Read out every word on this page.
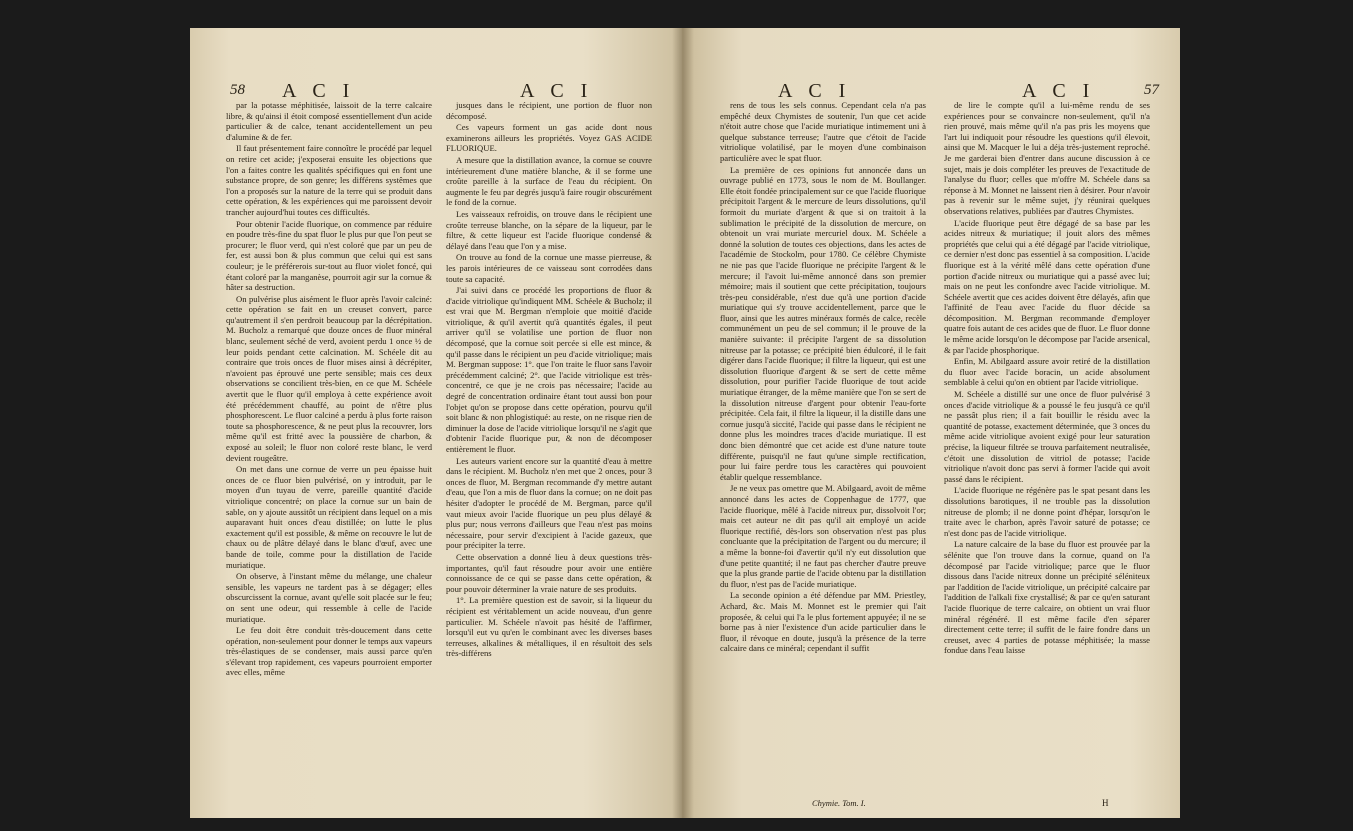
58 A C I	A C I

par la potasse méphitisée, laissoit de la terre calcaire libre, & qu'ainsi il étoit composé essentiellement d'un acide particulier & de calce, tenant accidentellement un peu d'alumine & de fer.

Il faut présentement faire connoître le procédé par lequel on retire cet acide; j'exposerai ensuite les objections que l'on a faites contre les qualités spécifiques qui en font une substance propre, de son genre; les différens systêmes que l'on a proposés sur la nature de la terre qui se produit dans cette opération, & les expériences qui me paroissent devoir trancher aujourd'hui toutes ces difficultés.

Pour obtenir l'acide fluorique, on commence par réduire en poudre très-fine du spat fluor le plus pur que l'on peut se procurer; le fluor verd, qui n'est coloré que par un peu de fer, est aussi bon & plus commun que celui qui est sans couleur; je le préférerois sur-tout au fluor violet foncé, qui étant coloré par la manganèse, pourroit agir sur la cornue & hâter sa destruction.

On pulvérise plus aisément le fluor après l'avoir calciné: cette opération se fait en un creuset convert, parce qu'autrement il s'en perdroit beaucoup par la décrépitation. M. Bucholz a remarqué que douze onces de fluor minéral blanc, seulement séché de verd, avoient perdu 1 once ½ de leur poids pendant cette calcination. M. Schéele dit au contraire que trois onces de fluor mises ainsi à décrépiter, n'avoient pas éprouvé une perte sensible; mais ces deux observations se concilient très-bien, en ce que M. Schéele avertit que le fluor qu'il employa à cette expérience avoit été précédemment chauffé, au point de n'être plus phosphorescent. Le fluor calciné a perdu à plus forte raison toute sa phosphorescence, & ne peut plus la recouvrer, lors même qu'il est fritté avec la poussière de charbon, & exposé au soleil; le fluor non coloré reste blanc, le verd devient rougeâtre.

On met dans une cornue de verre un peu épaisse huit onces de ce fluor bien pulvérisé, on y introduit, par le moyen d'un tuyau de verre, pareille quantité d'acide vitriolique concentré; on place la cornue sur un bain de sable, on y ajoute aussitôt un récipient dans lequel on a mis auparavant huit onces d'eau distillée; on lutte le plus exactement qu'il est possible, & même on recouvre le lut de chaux ou de plâtre délayé dans le blanc d'œuf, avec une bande de toile, comme pour la distillation de l'acide muriatique.

On observe, à l'instant même du mélange, une chaleur sensible, les vapeurs ne tardent pas à se dégager; elles obscurcissent la cornue, avant qu'elle soit placée sur le feu; on sent une odeur, qui ressemble à celle de l'acide muriatique.

Le feu doit être conduit très-doucement dans cette opération, non-seulement pour donner le temps aux vapeurs très-élastiques de se condenser, mais aussi parce qu'en s'élevant trop rapidement, ces vapeurs pourroient emporter avec elles, même

jusques dans le récipient, une portion de fluor non décomposé.

Ces vapeurs forment un gas acide dont nous examinerons ailleurs les propriétés. Voyez GAS ACIDE FLUORIQUE.

A mesure que la distillation avance, la cornue se couvre intérieurement d'une matière blanche, & il se forme une croûte pareille à la surface de l'eau du récipient. On augmente le feu par degrés jusqu'à faire rougir obscurément le fond de la cornue.

Les vaisseaux refroidis, on trouve dans le récipient une croûte terreuse blanche, on la sépare de la liqueur, par le filtre, & cette liqueur est l'acide fluorique condensé & délayé dans l'eau que l'on y a mise.

On trouve au fond de la cornue une masse pierreuse, & les parois intérieures de ce vaisseau sont corrodées dans toute sa capacité.

J'ai suivi dans ce procédé les proportions de fluor & d'acide vitriolique qu'indiquent MM. Schéele & Bucholz; il est vrai que M. Bergman n'emploie que moitié d'acide vitriolique, & qu'il avertit qu'à quantités égales, il peut arriver qu'il se volatilise une portion de fluor non décomposé, que la cornue soit percée si elle est mince, & qu'il passe dans le récipient un peu d'acide vitriolique; mais M. Bergman suppose: 1°. que l'on traite le fluor sans l'avoir précédemment calciné; 2°. que l'acide vitriolique est très-concentré, ce que je ne crois pas nécessaire; l'acide au degré de concentration ordinaire étant tout aussi bon pour l'objet qu'on se propose dans cette opération, pourvu qu'il soit blanc & non phlogistiqué: au reste, on ne risque rien de diminuer la dose de l'acide vitriolique lorsqu'il ne s'agit que d'obtenir l'acide fluorique pur, & non de décomposer entièrement le fluor.

Les auteurs varient encore sur la quantité d'eau à mettre dans le récipient. M. Bucholz n'en met que 2 onces, pour 3 onces de fluor, M. Bergman recommande d'y mettre autant d'eau, que l'on a mis de fluor dans la cornue; on ne doit pas hésiter d'adopter le procédé de M. Bergman, parce qu'il vaut mieux avoir l'acide fluorique un peu plus délayé & plus pur; nous verrons d'ailleurs que l'eau n'est pas moins nécessaire, pour servir d'excipient à l'acide gazeux, que pour précipiter la terre.

Cette observation a donné lieu à deux questions très-importantes, qu'il faut résoudre pour avoir une entière connoissance de ce qui se passe dans cette opération, & pour pouvoir déterminer la vraie nature de ses produits.

1°. La première question est de savoir, si la liqueur du récipient est véritablement un acide nouveau, d'un genre particulier. M. Schéele n'avoit pas hésité de l'affirmer, lorsqu'il eut vu qu'en le combinant avec les diverses bases terreuses, alkalines & métalliques, il en résultoit des sels très-différens

A C I	A C I	57

rens de tous les sels connus. Cependant cela n'a pas empêché deux Chymistes de soutenir, l'un que cet acide n'étoit autre chose que l'acide muriatique intimement uni à quelque substance terreuse; l'autre que c'étoit de l'acide vitriolique volatilisé, par le moyen d'une combinaison particulière avec le spat fluor.

La première de ces opinions fut annoncée dans un ouvrage publié en 1773, sous le nom de M. Boullanger. Elle étoit fondée principalement sur ce que l'acide fluorique précipitoit l'argent & le mercure de leurs dissolutions, qu'il formoit du muriate d'argent & que si on traitoit à la sublimation le précipité de la dissolution de mercure, on obtenoit un vrai muriate mercuriel doux. M. Schéele a donné la solution de toutes ces objections, dans les actes de l'académie de Stockolm, pour 1780. Ce célèbre Chymiste ne nie pas que l'acide fluorique ne précipite l'argent & le mercure; il l'avoit lui-même annoncé dans son premier mémoire; mais il soutient que cette précipitation, toujours très-peu considérable, n'est due qu'à une portion d'acide muriatique qui s'y trouve accidentellement, parce que le fluor, ainsi que les autres minéraux formés de calce, recèle communément un peu de sel commun; il le prouve de la manière suivante: il précipite l'argent de sa dissolution nitreuse par la potasse; ce précipité bien édulcoré, il le fait digérer dans l'acide fluorique; il filtre la liqueur, qui est une dissolution fluorique d'argent & se sert de cette même dissolution, pour purifier l'acide fluorique de tout acide muriatique étranger, de la même manière que l'on se sert de la dissolution nitreuse d'argent pour obtenir l'eau-forte précipitée. Cela fait, il filtre la liqueur, il la distille dans une cornue jusqu'à siccité, l'acide qui passe dans le récipient ne donne plus les moindres traces d'acide muriatique. Il est donc bien démontré que cet acide est d'une nature toute différente, puisqu'il ne faut qu'une simple rectification, pour lui faire perdre tous les caractères qui pouvoient établir quelque ressemblance.

Je ne veux pas omettre que M. Abilgaard, avoit de même annoncé dans les actes de Coppenhague de 1777, que l'acide fluorique, mêlé à l'acide nitreux pur, dissolvoit l'or; mais cet auteur ne dit pas qu'il ait employé un acide fluorique rectifié, dès-lors son observation n'est pas plus concluante que la précipitation de l'argent ou du mercure; il a même la bonne-foi d'avertir qu'il n'y eut dissolution que d'une petite quantité; il ne faut pas chercher d'autre preuve que la plus grande partie de l'acide obtenu par la distillation du fluor, n'est pas de l'acide muriatique.

La seconde opinion a été défendue par MM. Priestley, Achard, &c. Mais M. Monnet est le premier qui l'ait proposée, & celui qui l'a le plus fortement appuyée; il ne se borne pas à nier l'existence d'un acide particulier dans le fluor, il révoque en doute, jusqu'à la présence de la terre calcaire dans ce minéral; cependant il suffit

de lire le compte qu'il a lui-même rendu de ses expériences pour se convaincre non-seulement, qu'il n'a rien prouvé, mais même qu'il n'a pas pris les moyens que l'art lui indiquoit pour résoudre les questions qu'il élevoit, ainsi que M. Macquer le lui a déja très-justement reproché. Je me garderai bien d'entrer dans aucune discussion à ce sujet, mais je dois compléter les preuves de l'exactitude de l'analyse du fluor; celles que m'offre M. Schéele dans sa réponse à M. Monnet ne laissent rien à désirer. Pour n'avoir pas à revenir sur le même sujet, j'y réunirai quelques observations relatives, publiées par d'autres Chymistes.

L'acide fluorique peut être dégagé de sa base par les acides nitreux & muriatique; il jouit alors des mêmes propriétés que celui qui a été dégagé par l'acide vitriolique, ce dernier n'est donc pas essentiel à sa composition. L'acide fluorique est à la vérité mêlé dans cette opération d'une portion d'acide nitreux ou muriatique qui a passé avec lui; mais on ne peut les confondre avec l'acide vitriolique. M. Schéele avertit que ces acides doivent être délayés, afin que l'affinité de l'eau avec l'acide du fluor décide sa décomposition. M. Bergman recommande d'employer quatre fois autant de ces acides que de fluor. Le fluor donne le même acide lorsqu'on le décompose par l'acide arsenical, & par l'acide phosphorique.

Enfin, M. Abilgaard assure avoir retiré de la distillation du fluor avec l'acide boracin, un acide absolument semblable à celui qu'on en obtient par l'acide vitriolique.

M. Schéele a distillé sur une once de fluor pulvérisé 3 onces d'acide vitriolique & a poussé le feu jusqu'à ce qu'il ne passât plus rien; il a fait bouillir le résidu avec la quantité de potasse, exactement déterminée, que 3 onces du même acide vitriolique avoient exigé pour leur saturation précise, la liqueur filtrée se trouva parfaitement neutralisée, c'étoit une dissolution de vitriol de potasse; l'acide vitriolique n'avoit donc pas servi à former l'acide qui avoit passé dans le récipient.

L'acide fluorique ne régénère pas le spat pesant dans les dissolutions barotiques, il ne trouble pas la dissolution nitreuse de plomb; il ne donne point d'hépar, lorsqu'on le traite avec le charbon, après l'avoir saturé de potasse; ce n'est donc pas de l'acide vitriolique.

La nature calcaire de la base du fluor est prouvée par la sélénite que l'on trouve dans la cornue, quand on l'a décomposé par l'acide vitriolique; parce que le fluor dissous dans l'acide nitreux donne un précipité séléniteux par l'addition de l'acide vitriolique, un précipité calcaire par l'addition de l'alkali fixe crystallisé; & par ce qu'en saturant l'acide fluorique de terre calcaire, on obtient un vrai fluor minéral régénéré. Il est même facile d'en séparer directement cette terre; il suffit de le faire fondre dans un creuset, avec 4 parties de potasse méphitisée; la masse fondue dans l'eau laisse

Chymie. Tom. I.	H
